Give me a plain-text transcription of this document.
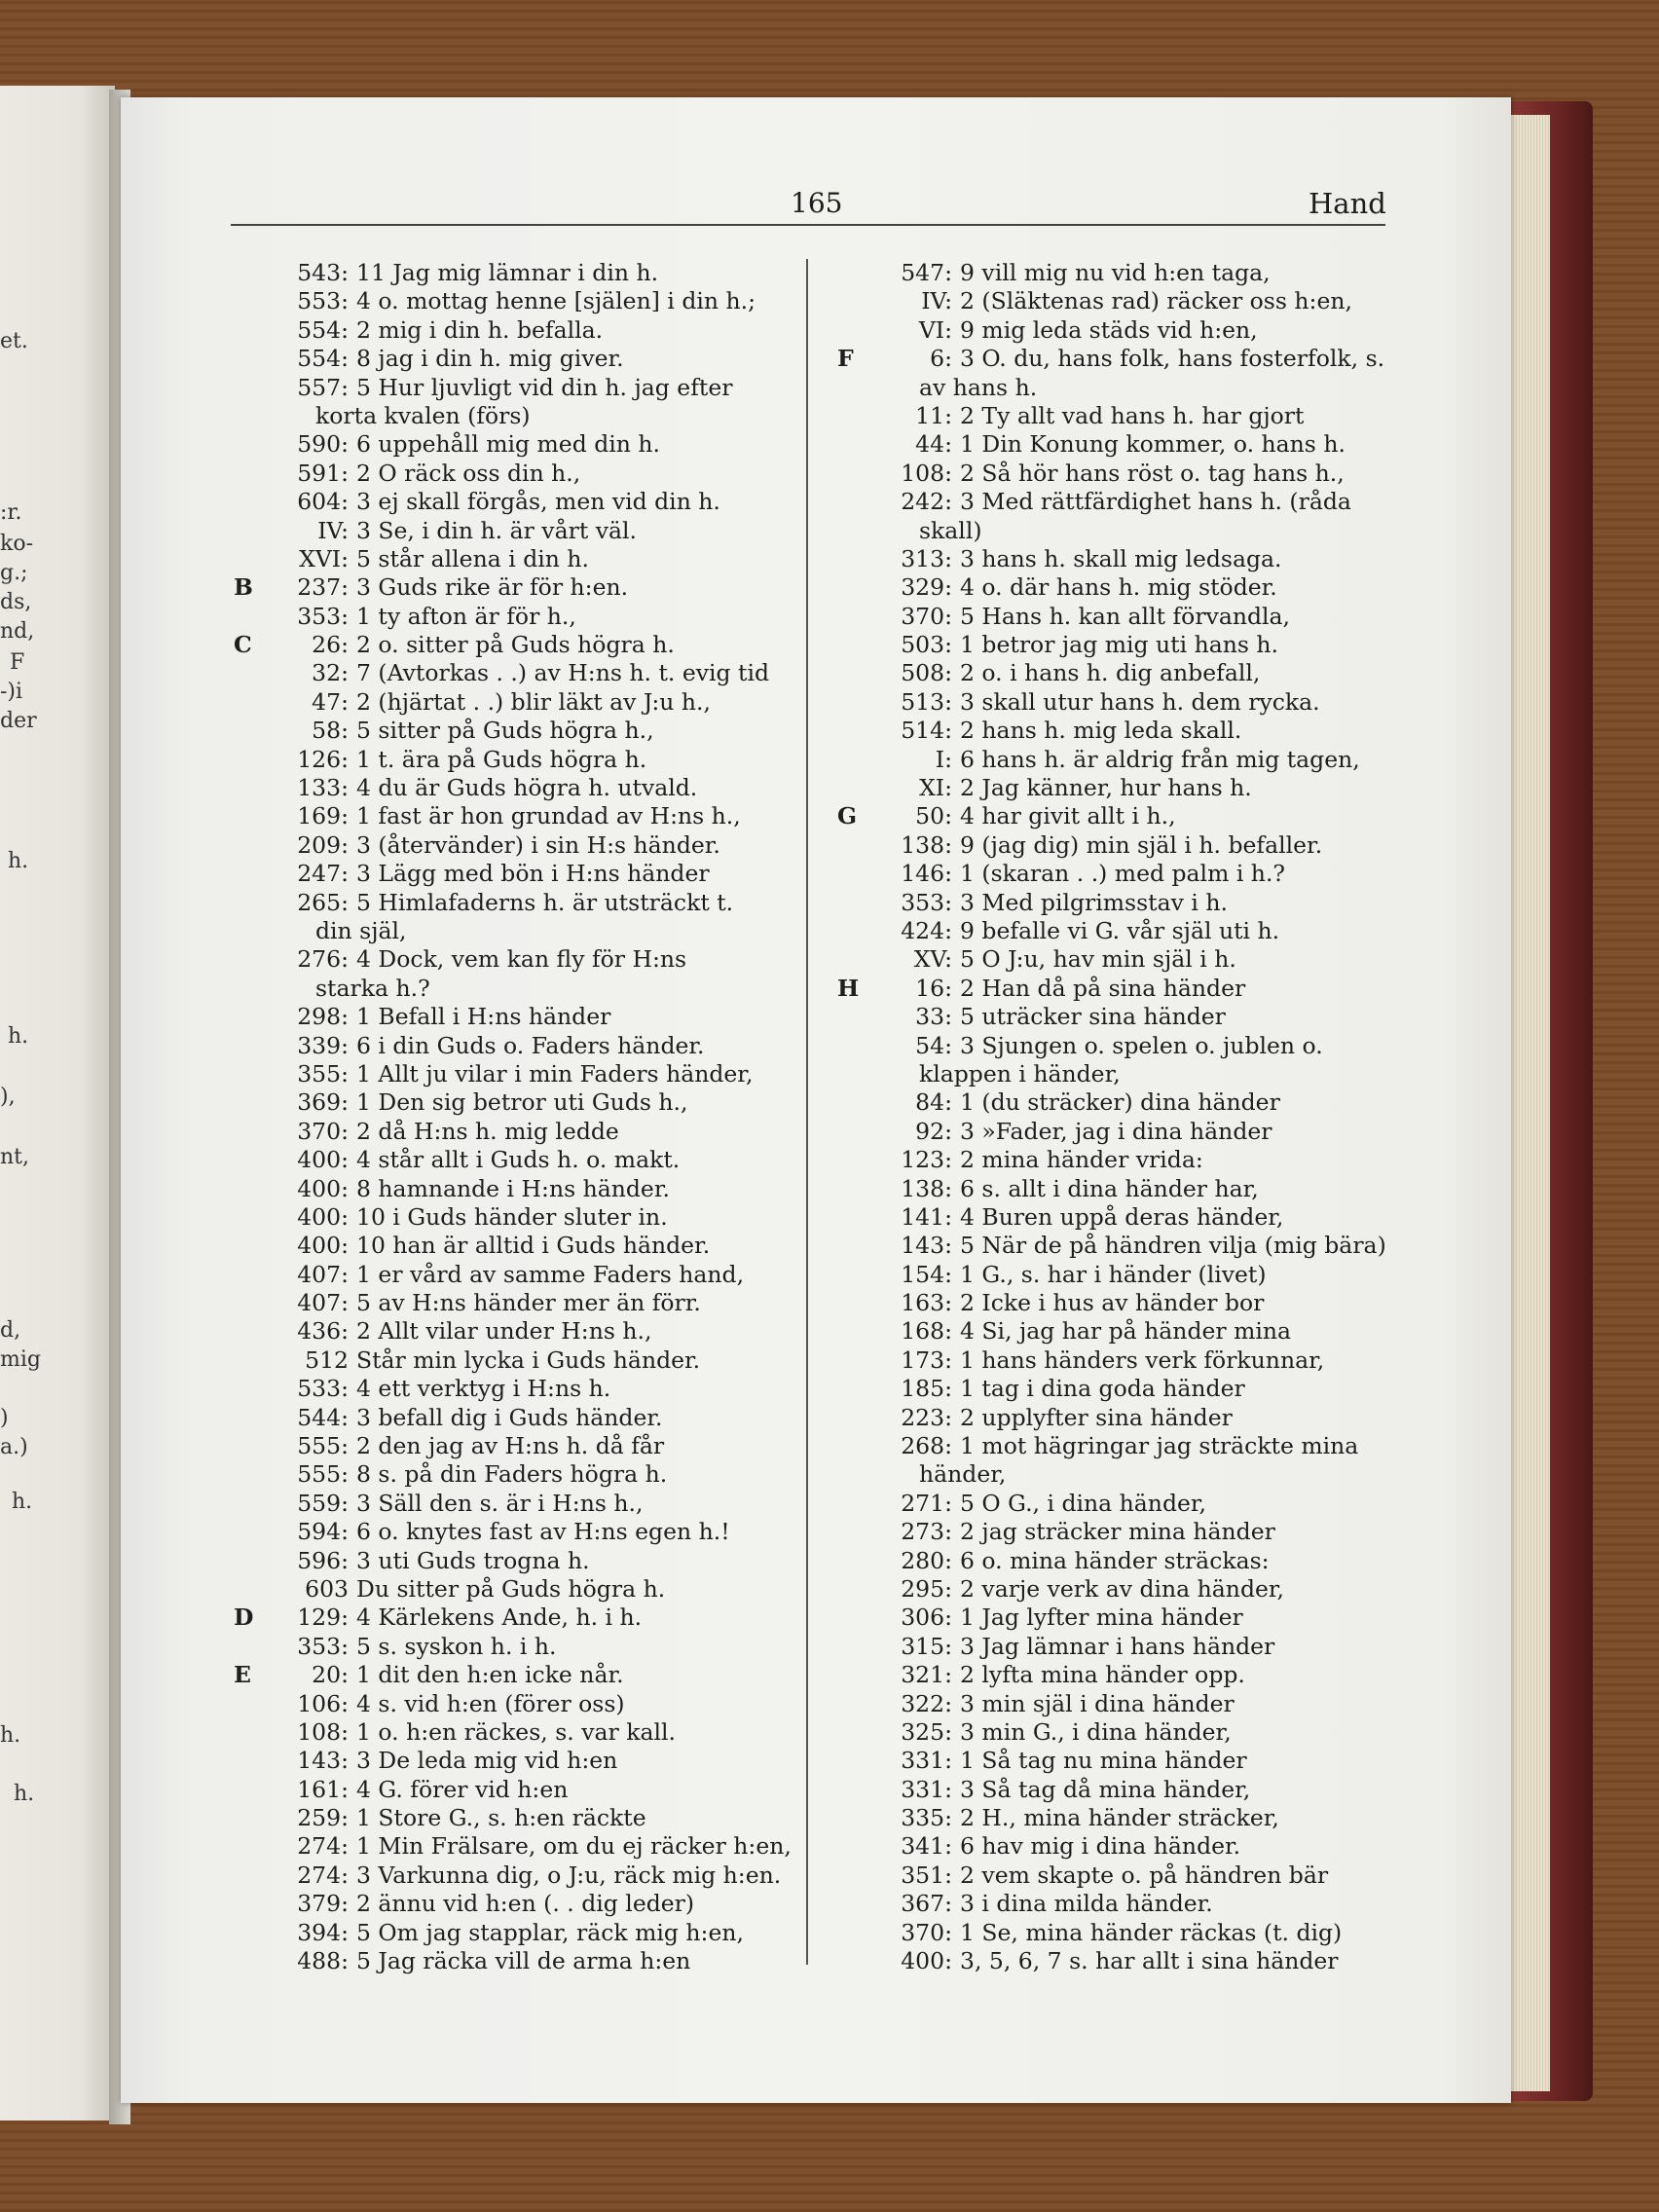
et.
:r.
ko-
g.;
ds,
nd,
F
-)i
der
h.
h.
),
nt,
d,
mig
)
a.)
h.
h.
h.
165	Hand
543: 11 Jag mig lämnar i din h.
553: 4 o. mottag henne [själen] i din h.;
554: 2 mig i din h. befalla.
554: 8 jag i din h. mig giver.
557: 5 Hur ljuvligt vid din h. jag efter
korta kvalen (förs)
590: 6 uppehåll mig med din h.
591: 2 O räck oss din h.,
604: 3 ej skall förgås, men vid din h.
IV: 3 Se, i din h. är vårt väl.
XVI: 5 står allena i din h.
B	237: 3 Guds rike är för h:en.
353: 1 ty afton är för h.,
C	26: 2 o. sitter på Guds högra h.
32: 7 (Avtorkas . .) av H:ns h. t. evig tid
47: 2 (hjärtat . .) blir läkt av J:u h.,
58: 5 sitter på Guds högra h.,
126: 1 t. ära på Guds högra h.
133: 4 du är Guds högra h. utvald.
169: 1 fast är hon grundad av H:ns h.,
209: 3 (återvänder) i sin H:s händer.
247: 3 Lägg med bön i H:ns händer
265: 5 Himlafaderns h. är utsträckt t.
din själ,
276: 4 Dock, vem kan fly för H:ns
starka h.?
298: 1 Befall i H:ns händer
339: 6 i din Guds o. Faders händer.
355: 1 Allt ju vilar i min Faders händer,
369: 1 Den sig betror uti Guds h.,
370: 2 då H:ns h. mig ledde
400: 4 står allt i Guds h. o. makt.
400: 8 hamnande i H:ns händer.
400: 10 i Guds händer sluter in.
400: 10 han är alltid i Guds händer.
407: 1 er vård av samme Faders hand,
407: 5 av H:ns händer mer än förr.
436: 2 Allt vilar under H:ns h.,
512 Står min lycka i Guds händer.
533: 4 ett verktyg i H:ns h.
544: 3 befall dig i Guds händer.
555: 2 den jag av H:ns h. då får
555: 8 s. på din Faders högra h.
559: 3 Säll den s. är i H:ns h.,
594: 6 o. knytes fast av H:ns egen h.!
596: 3 uti Guds trogna h.
603 Du sitter på Guds högra h.
D	129: 4 Kärlekens Ande, h. i h.
353: 5 s. syskon h. i h.
E	20: 1 dit den h:en icke når.
106: 4 s. vid h:en (förer oss)
108: 1 o. h:en räckes, s. var kall.
143: 3 De leda mig vid h:en
161: 4 G. förer vid h:en
259: 1 Store G., s. h:en räckte
274: 1 Min Frälsare, om du ej räcker h:en,
274: 3 Varkunna dig, o J:u, räck mig h:en.
379: 2 ännu vid h:en (. . dig leder)
394: 5 Om jag stapplar, räck mig h:en,
488: 5 Jag räcka vill de arma h:en
547: 9 vill mig nu vid h:en taga,
IV: 2 (Släktenas rad) räcker oss h:en,
VI: 9 mig leda städs vid h:en,
F	6: 3 O. du, hans folk, hans fosterfolk, s.
av hans h.
11: 2 Ty allt vad hans h. har gjort
44: 1 Din Konung kommer, o. hans h.
108: 2 Så hör hans röst o. tag hans h.,
242: 3 Med rättfärdighet hans h. (råda
skall)
313: 3 hans h. skall mig ledsaga.
329: 4 o. där hans h. mig stöder.
370: 5 Hans h. kan allt förvandla,
503: 1 betror jag mig uti hans h.
508: 2 o. i hans h. dig anbefall,
513: 3 skall utur hans h. dem rycka.
514: 2 hans h. mig leda skall.
I: 6 hans h. är aldrig från mig tagen,
XI: 2 Jag känner, hur hans h.
G	50: 4 har givit allt i h.,
138: 9 (jag dig) min själ i h. befaller.
146: 1 (skaran . .) med palm i h.?
353: 3 Med pilgrimsstav i h.
424: 9 befalle vi G. vår själ uti h.
XV: 5 O J:u, hav min själ i h.
H	16: 2 Han då på sina händer
33: 5 uträcker sina händer
54: 3 Sjungen o. spelen o. jublen o.
klappen i händer,
84: 1 (du sträcker) dina händer
92: 3 »Fader, jag i dina händer
123: 2 mina händer vrida:
138: 6 s. allt i dina händer har,
141: 4 Buren uppå deras händer,
143: 5 När de på händren vilja (mig bära)
154: 1 G., s. har i händer (livet)
163: 2 Icke i hus av händer bor
168: 4 Si, jag har på händer mina
173: 1 hans händers verk förkunnar,
185: 1 tag i dina goda händer
223: 2 upplyfter sina händer
268: 1 mot hägringar jag sträckte mina
händer,
271: 5 O G., i dina händer,
273: 2 jag sträcker mina händer
280: 6 o. mina händer sträckas:
295: 2 varje verk av dina händer,
306: 1 Jag lyfter mina händer
315: 3 Jag lämnar i hans händer
321: 2 lyfta mina händer opp.
322: 3 min själ i dina händer
325: 3 min G., i dina händer,
331: 1 Så tag nu mina händer
331: 3 Så tag då mina händer,
335: 2 H., mina händer sträcker,
341: 6 hav mig i dina händer.
351: 2 vem skapte o. på händren bär
367: 3 i dina milda händer.
370: 1 Se, mina händer räckas (t. dig)
400: 3, 5, 6, 7 s. har allt i sina händer
